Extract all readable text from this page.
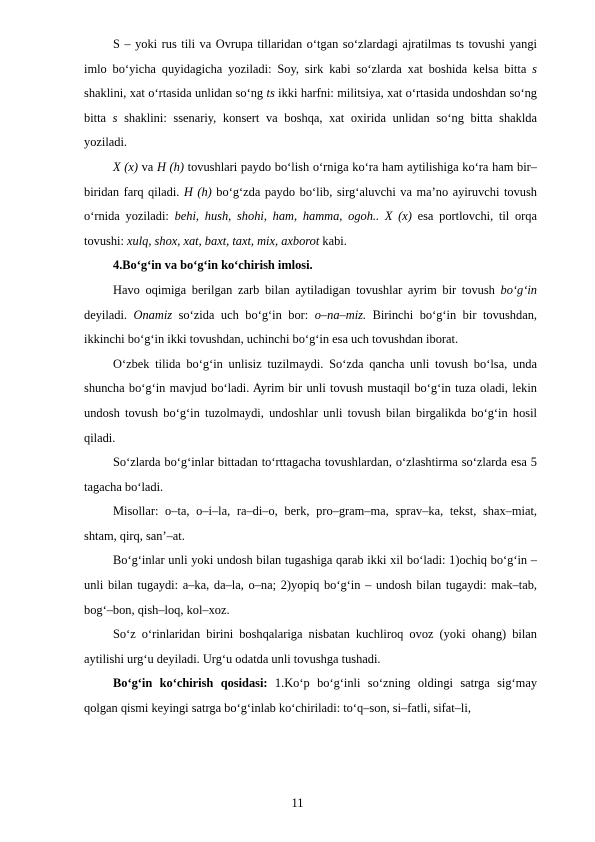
S – yoki rus tili va Ovrupa tillaridan o‘tgan so‘zlardagi ajratilmas ts tovushi yangi imlo bo‘yicha quyidagicha yoziladi: Soy, sirk kabi so‘zlarda xat boshida kelsa bitta s shaklini, xat o‘rtasida unlidan so‘ng ts ikki harfni: militsiya, xat o‘rtasida undoshdan so‘ng bitta s shaklini: ssenariy, konsert va boshqa, xat oxirida unlidan so‘ng bitta shaklda yoziladi.

X (x) va H (h) tovushlari paydo bo‘lish o‘rniga ko‘ra ham aytilishiga ko‘ra ham bir–biridan farq qiladi. H (h) bo‘g‘zda paydo bo‘lib, sirg‘aluvchi va ma’no ayiruvchi tovush o‘rnida yoziladi: behi, hush, shohi, ham, hamma, ogoh.. X (x) esa portlovchi, til orqa tovushi: xulq, shox, xat, baxt, taxt, mix, axborot kabi.

4.Bo‘g‘in va bo‘g‘in ko‘chirish imlosi.

Havo oqimiga berilgan zarb bilan aytiladigan tovushlar ayrim bir tovush bo‘g‘in deyiladi. Onamiz so‘zida uch bo‘g‘in bor: o–na–miz. Birinchi bo‘g‘in bir tovushdan, ikkinchi bo‘g‘in ikki tovushdan, uchinchi bo‘g‘in esa uch tovushdan iborat.

O‘zbek tilida bo‘g‘in unlisiz tuzilmaydi. So‘zda qancha unli tovush bo‘lsa, unda shuncha bo‘g‘in mavjud bo‘ladi. Ayrim bir unli tovush mustaqil bo‘g‘in tuza oladi, lekin undosh tovush bo‘g‘in tuzolmaydi, undoshlar unli tovush bilan birgalikda bo‘g‘in hosil qiladi.

So‘zlarda bo‘g‘inlar bittadan to‘rttagacha tovushlardan, o‘zlashtirma so‘zlarda esa 5 tagacha bo‘ladi.

Misollar: o–ta, o–i–la, ra–di–o, berk, pro–gram–ma, sprav–ka, tekst, shax–miat, shtam, qirq, san’–at.

Bo‘g‘inlar unli yoki undosh bilan tugashiga qarab ikki xil bo‘ladi: 1)ochiq bo‘g‘in – unli bilan tugaydi: a–ka, da–la, o–na; 2)yopiq bo‘g‘in – undosh bilan tugaydi: mak–tab, bog‘–bon, qish–loq, kol–xoz.

So‘z o‘rinlaridan birini boshqalariga nisbatan kuchliroq ovoz (yoki ohang) bilan aytilishi urg‘u deyiladi. Urg‘u odatda unli tovushga tushadi.

Bo‘g‘in ko‘chirish qosidasi: 1.Ko‘p bo‘g‘inli so‘zning oldingi satrga sig‘may qolgan qismi keyingi satrga bo‘g‘inlab ko‘chiriladi: to‘q–son, si–fatli, sifat–li,

11
